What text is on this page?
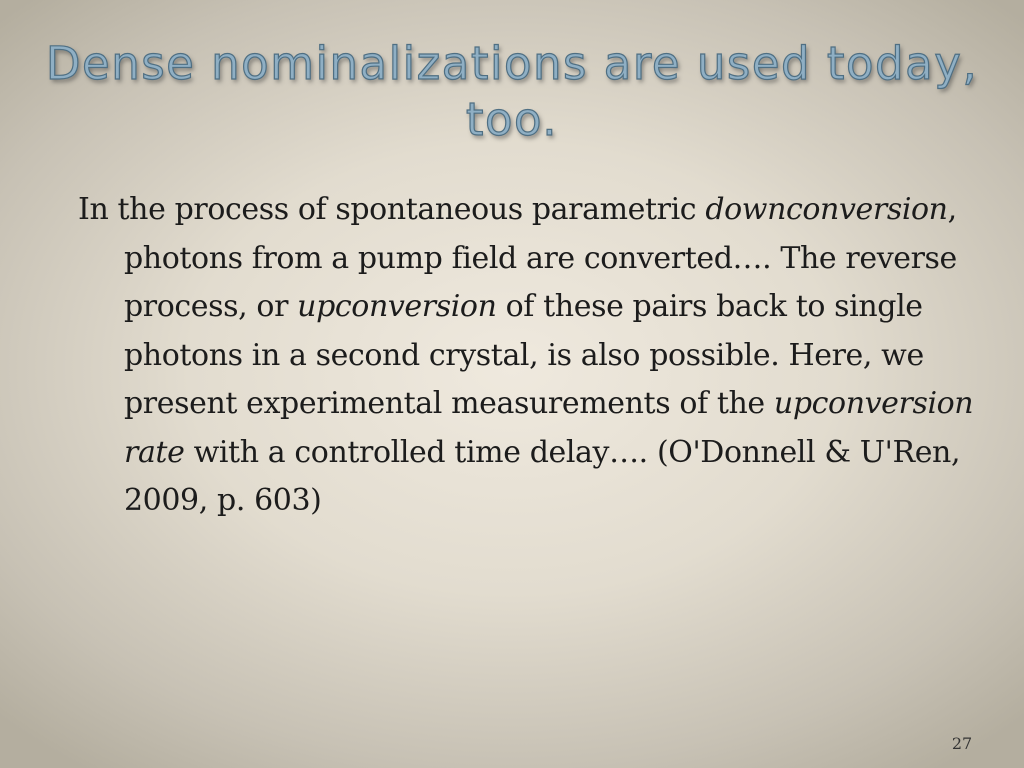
Dense nominalizations are used today, too.

In the process of spontaneous parametric downconversion, photons from a pump field are converted…. The reverse process, or upconversion of these pairs back to single photons in a second crystal, is also possible. Here, we present experimental measurements of the upconversion rate with a controlled time delay…. (O'Donnell & U'Ren, 2009, p. 603)

27
